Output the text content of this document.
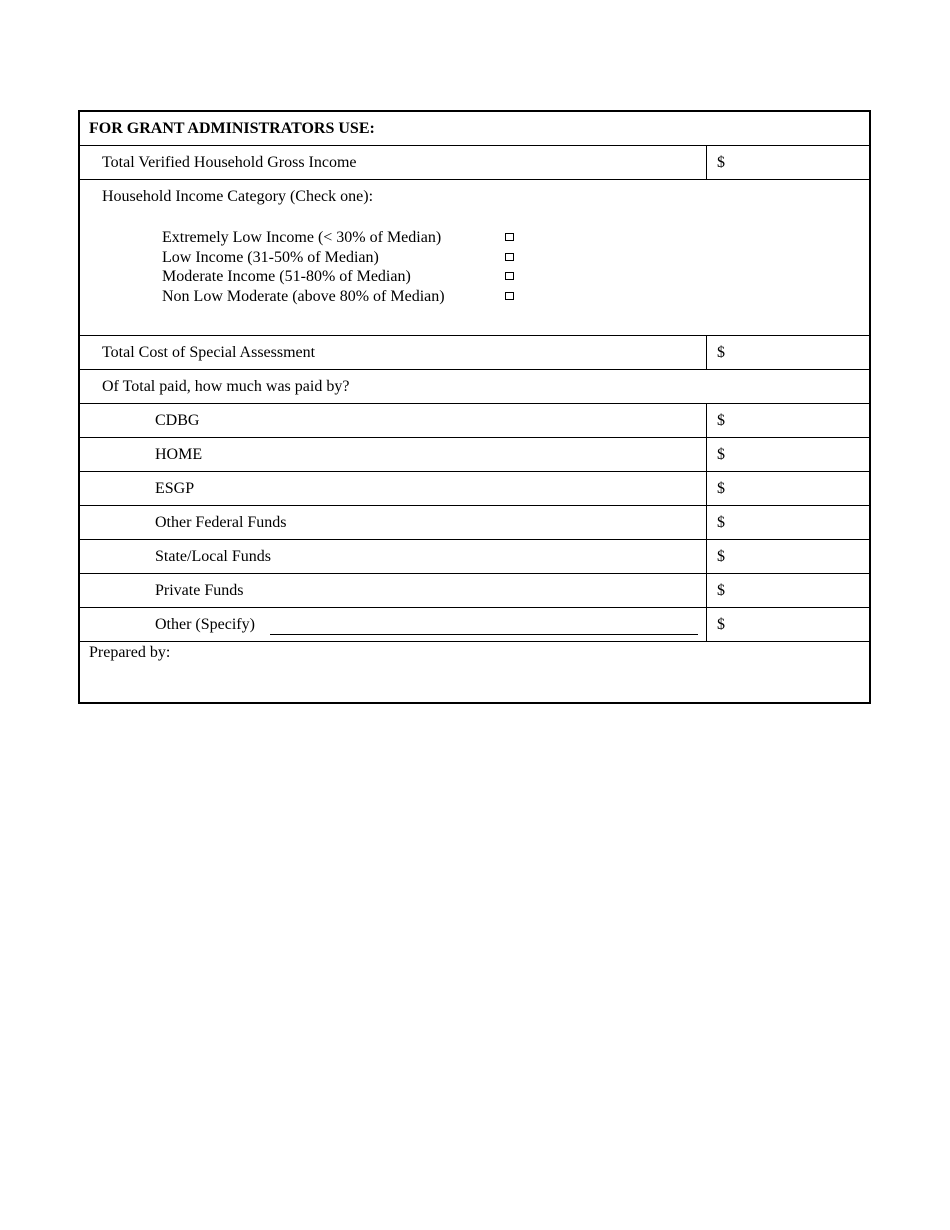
FOR GRANT ADMINISTRATORS USE:
Total Verified Household Gross Income	$
Household Income Category (Check one):
Extremely Low Income (< 30% of Median)
Low Income (31-50% of Median)
Moderate Income (51-80% of Median)
Non Low Moderate (above 80% of Median)
Total Cost of Special Assessment	$
Of Total paid, how much was paid by?
CDBG	$
HOME	$
ESGP	$
Other Federal Funds	$
State/Local Funds	$
Private Funds	$
Other (Specify)	$
Prepared by:
